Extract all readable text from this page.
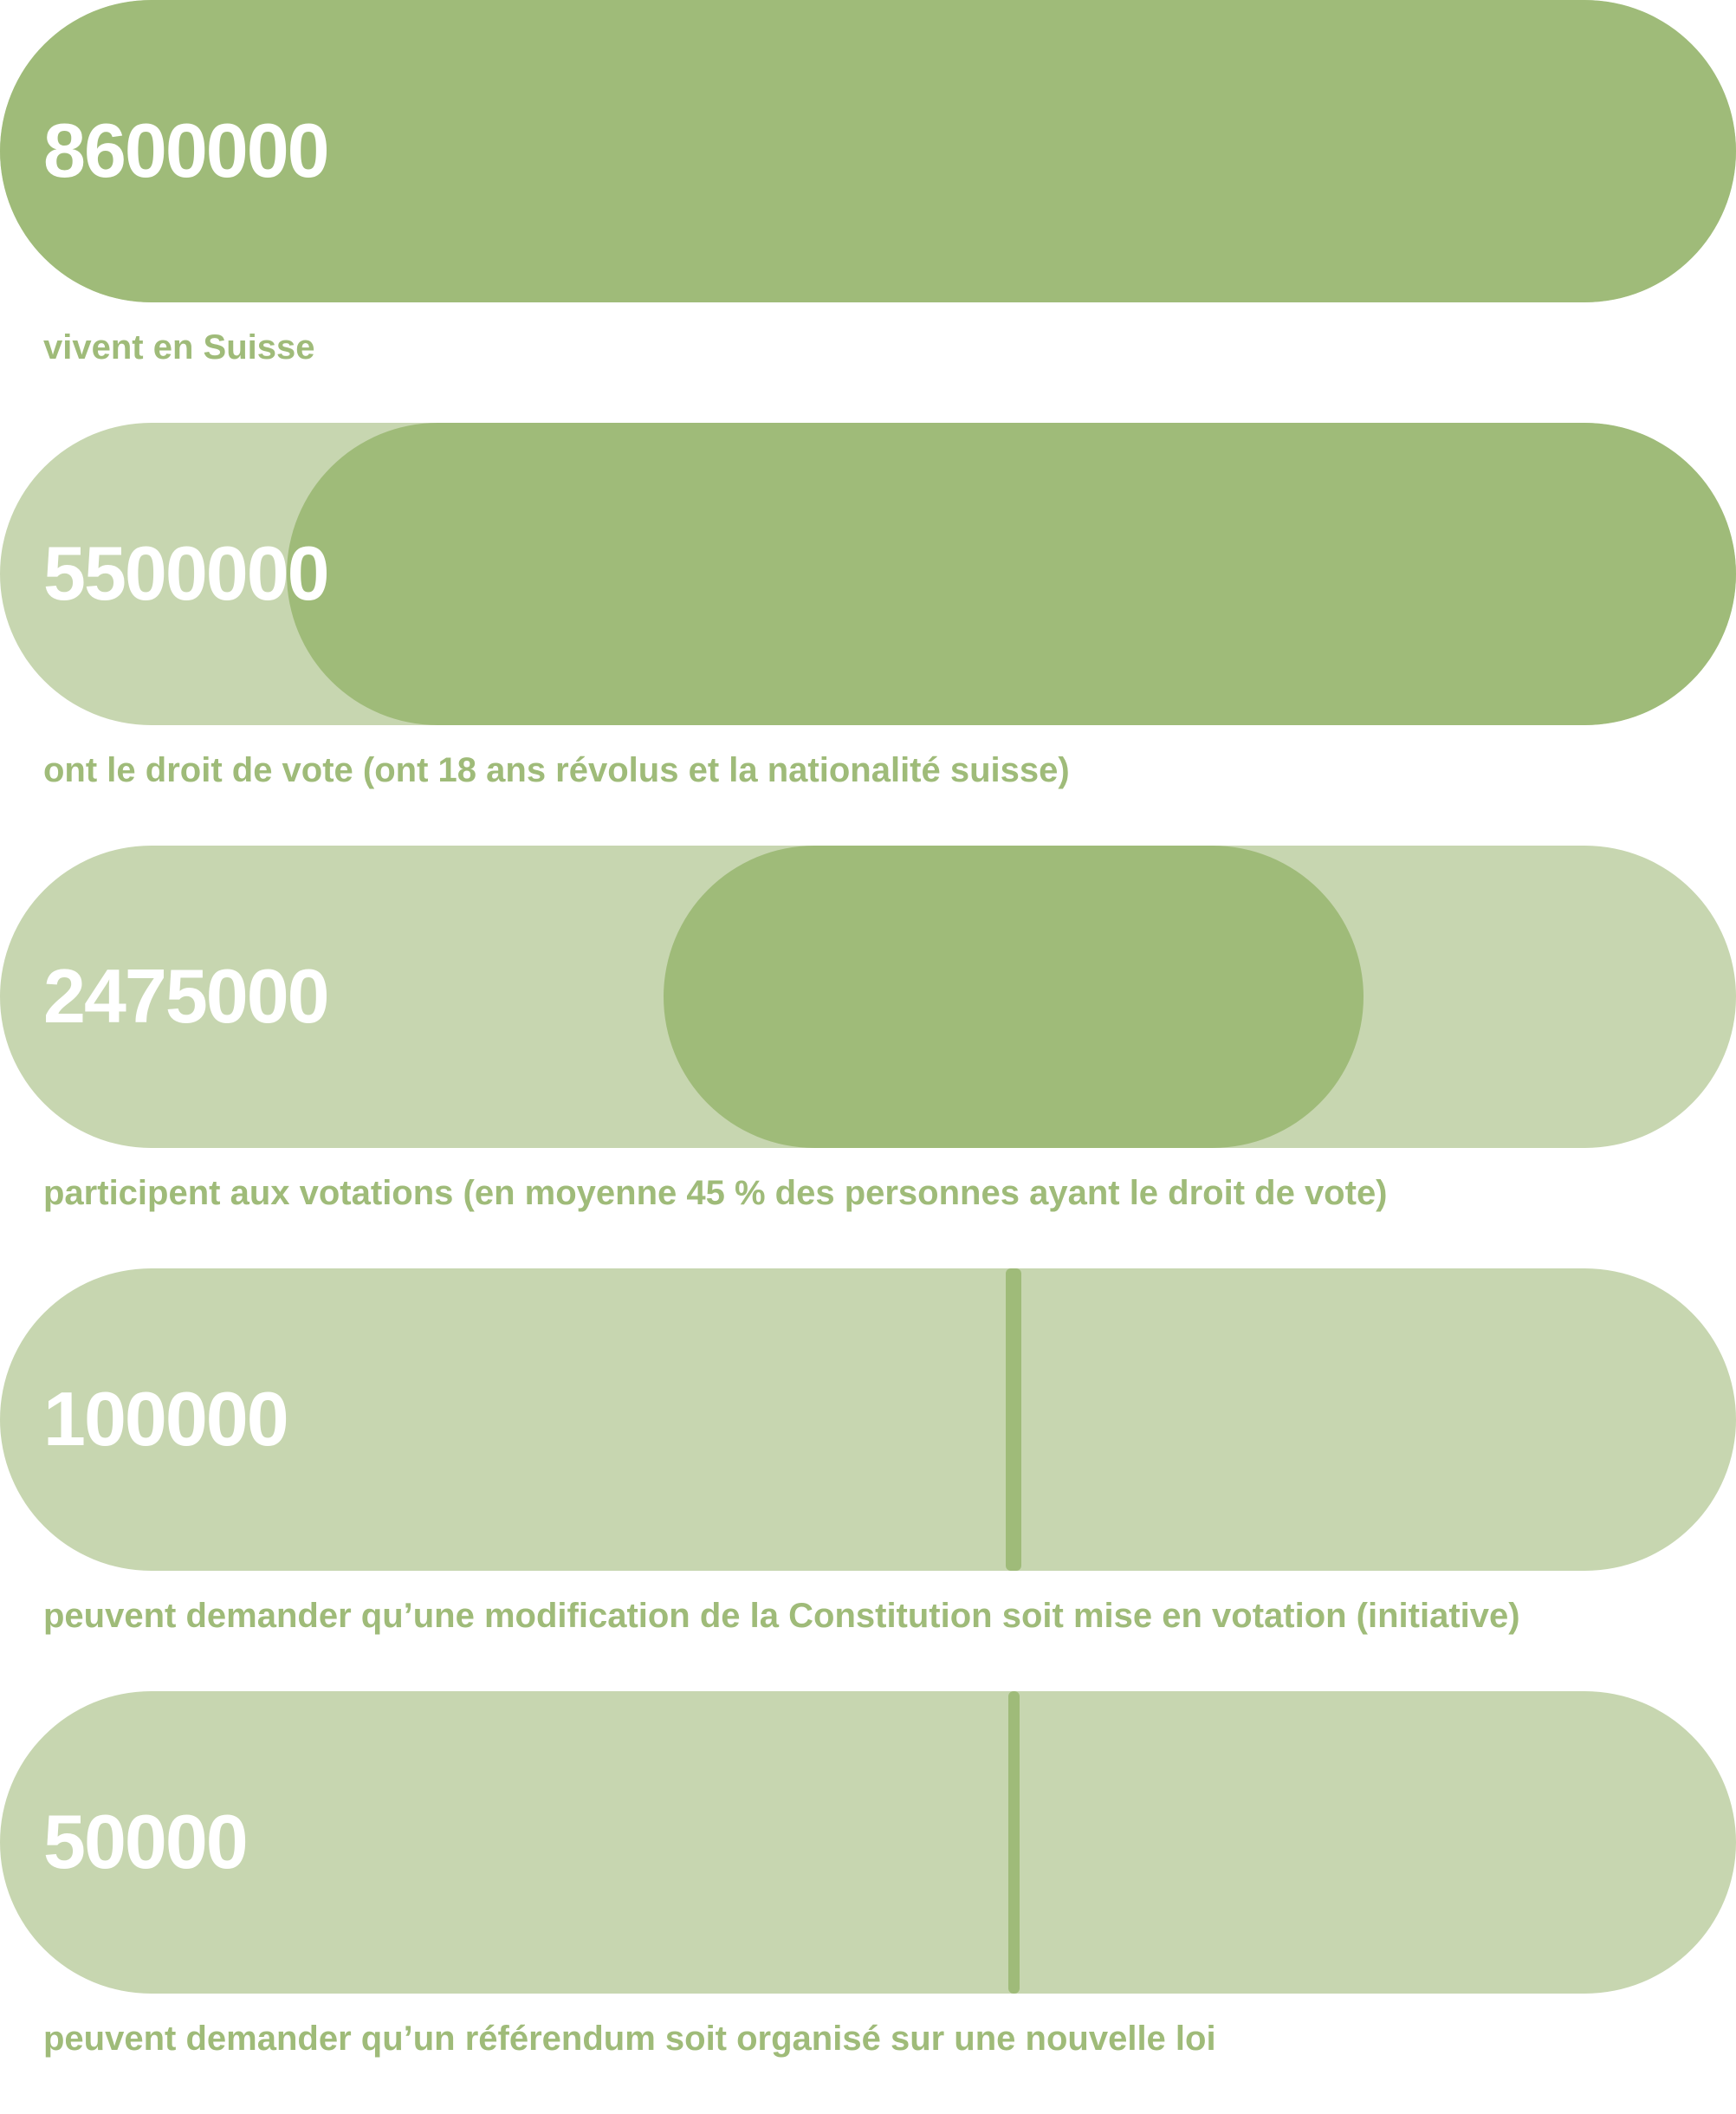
8600000
vivent en Suisse
5500000
ont le droit de vote (ont 18 ans révolus et la nationalité suisse)
2475000
participent aux votations (en moyenne 45 % des personnes ayant le droit de vote)
100000
peuvent demander qu’une modification de la Constitution soit mise en votation (initiative)
50000
peuvent demander qu’un référendum soit organisé sur une nouvelle loi
